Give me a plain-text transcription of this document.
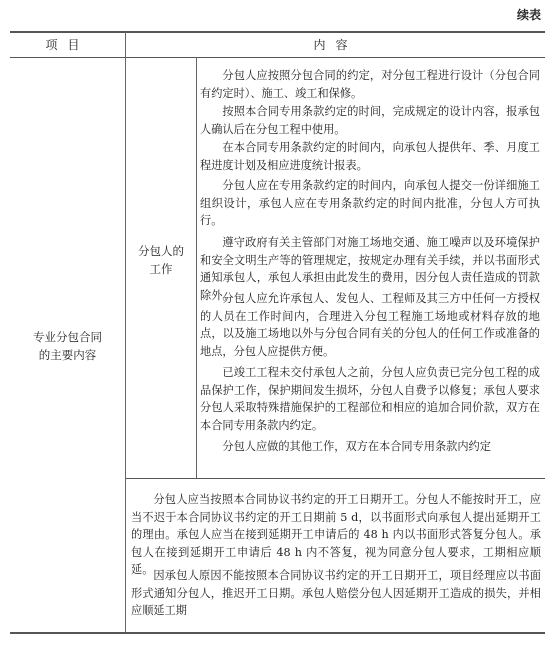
续表
项目	内容
专业分包合同
的主要内容
分包人的
工作

分包人应按照分包合同的约定，对分包工程进行设计（分包合同有约定时）、施工、竣工和保修。

按照本合同专用条款约定的时间，完成规定的设计内容，报承包人确认后在分包工程中使用。

在本合同专用条款约定的时间内，向承包人提供年、季、月度工程进度计划及相应进度统计报表。

分包人应在专用条款约定的时间内，向承包人提交一份详细施工组织设计，承包人应在专用条款约定的时间内批准，分包人方可执行。

遵守政府有关主管部门对施工场地交通、施工噪声以及环境保护和安全文明生产等的管理规定，按规定办理有关手续，并以书面形式通知承包人，承包人承担由此发生的费用，因分包人责任造成的罚款除外。

分包人应允许承包人、发包人、工程师及其三方中任何一方授权的人员在工作时间内，合理进入分包工程施工场地或材料存放的地点，以及施工场地以外与分包合同有关的分包人的任何工作或准备的地点，分包人应提供方便。

已竣工工程未交付承包人之前，分包人应负责已完分包工程的成品保护工作，保护期间发生损坏，分包人自费予以修复；承包人要求分包人采取特殊措施保护的工程部位和相应的追加合同价款，双方在本合同专用条款内约定。

分包人应做的其他工作，双方在本合同专用条款内约定

分包人应当按照本合同协议书约定的开工日期开工。分包人不能按时开工，应当不迟于本合同协议书约定的开工日期前 5 d，以书面形式向承包人提出延期开工的理由。承包人应当在接到延期开工申请后的 48 h 内以书面形式答复分包人。承包人在接到延期开工申请后 48 h 内不答复，视为同意分包人要求，工期相应顺延。 因承包人原因不能按照本合同协议书约定的开工日期开工，项目经理应以书面形式通知分包人，推迟开工日期。承包人赔偿分包人因延期开工造成的损失，并相应顺延工期
